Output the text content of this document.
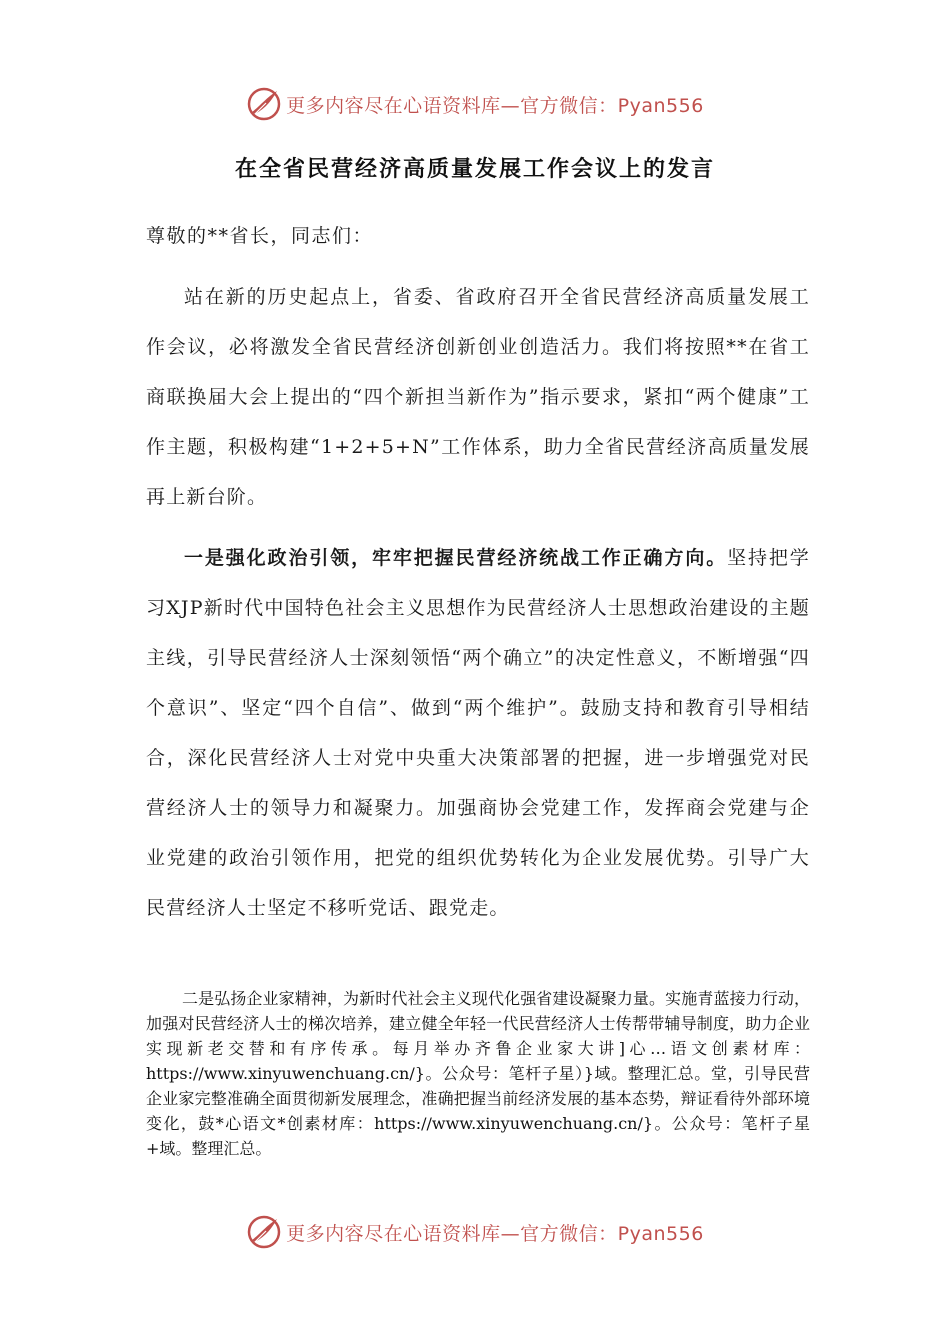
更多内容尽在心语资料库—官方微信：Pyan556
在全省民营经济高质量发展工作会议上的发言
尊敬的**省长，同志们：

站在新的历史起点上，省委、省政府召开全省民营经济高质量发展工作会议，必将激发全省民营经济创新创业创造活力。我们将按照**在省工商联换届大会上提出的“四个新担当新作为”指示要求，紧扣“两个健康”工作主题，积极构建“1+2+5+N”工作体系，助力全省民营经济高质量发展再上新台阶。

一是强化政治引领，牢牢把握民营经济统战工作正确方向。坚持把学习XJP新时代中国特色社会主义思想作为民营经济人士思想政治建设的主题主线，引导民营经济人士深刻领悟“两个确立”的决定性意义，不断增强“四个意识”、坚定“四个自信”、做到“两个维护”。鼓励支持和教育引导相结合，深化民营经济人士对党中央重大决策部署的把握，进一步增强党对民营经济人士的领导力和凝聚力。加强商协会党建工作，发挥商会党建与企业党建的政治引领作用，把党的组织优势转化为企业发展优势。引导广大民营经济人士坚定不移听党话、跟党走。

二是弘扬企业家精神，为新时代社会主义现代化强省建设凝聚力量。实施青蓝接力行动，加强对民营经济人士的梯次培养，建立健全年轻一代民营经济人士传帮带辅导制度，助力企业实现新老交替和有序传承。每月举办齐鲁企业家大讲]心…语文创素材库：https://www.xinyuwenchuang.cn/}。公众号：笔杆子星）}域。整理汇总。堂，引导民营企业家完整准确全面贯彻新发展理念，准确把握当前经济发展的基本态势，辩证看待外部环境变化，鼓*心语文*创素材库：https://www.xinyuwenchuang.cn/}。公众号：笔杆子星+域。整理汇总。

更多内容尽在心语资料库—官方微信：Pyan556
